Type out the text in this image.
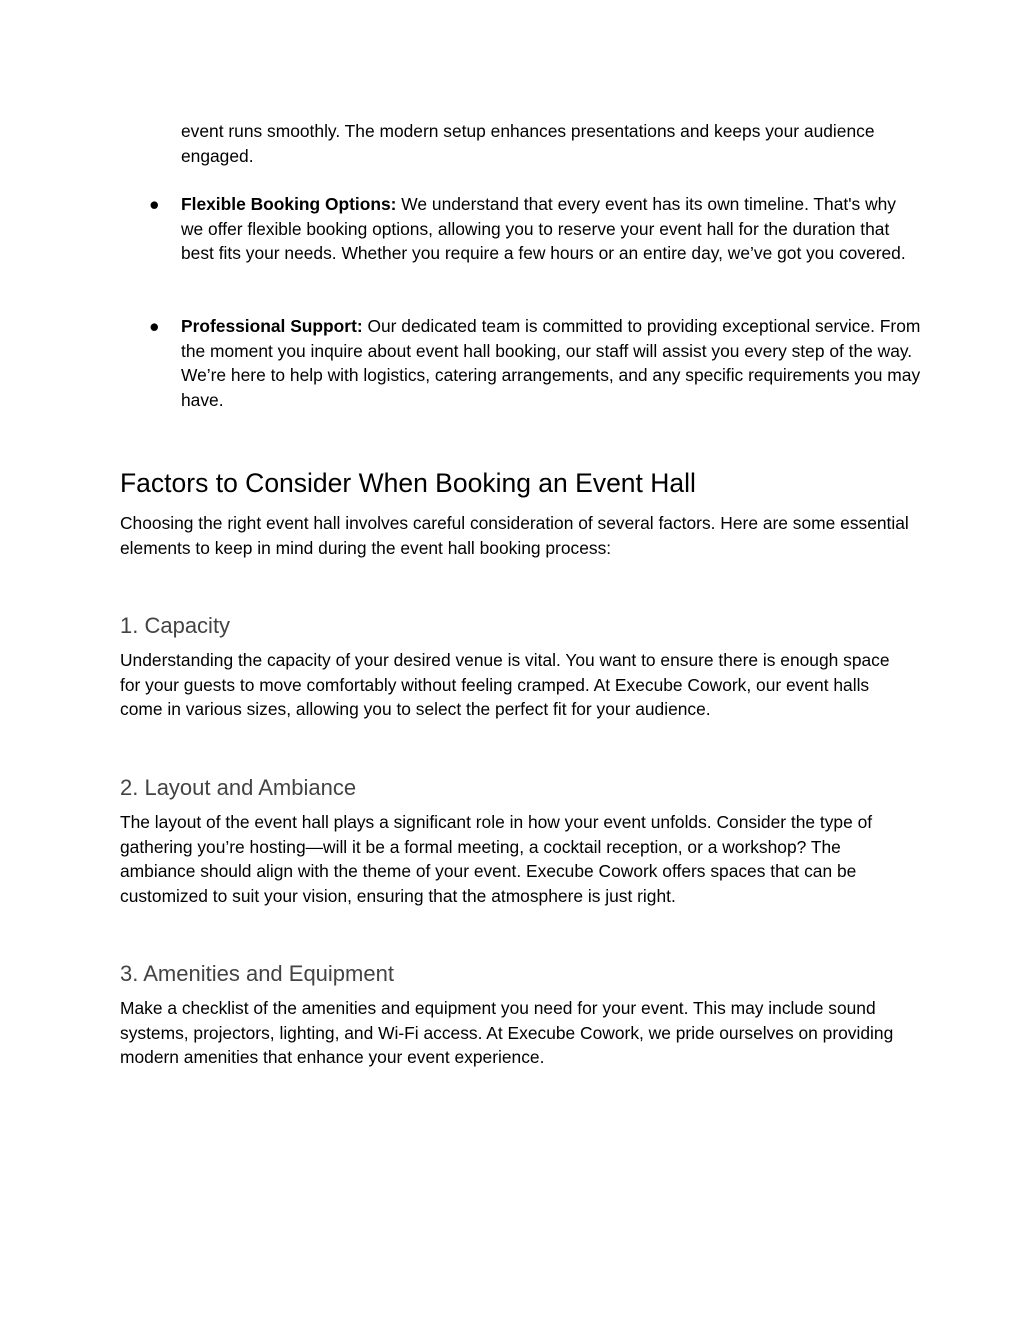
event runs smoothly. The modern setup enhances presentations and keeps your audience engaged.

●	Flexible Booking Options: We understand that every event has its own timeline. That's why we offer flexible booking options, allowing you to reserve your event hall for the duration that best fits your needs. Whether you require a few hours or an entire day, we’ve got you covered.

●	Professional Support: Our dedicated team is committed to providing exceptional service. From the moment you inquire about event hall booking, our staff will assist you every step of the way. We’re here to help with logistics, catering arrangements, and any specific requirements you may have.

Factors to Consider When Booking an Event Hall

Choosing the right event hall involves careful consideration of several factors. Here are some essential elements to keep in mind during the event hall booking process:

1. Capacity

Understanding the capacity of your desired venue is vital. You want to ensure there is enough space for your guests to move comfortably without feeling cramped. At Execube Cowork, our event halls come in various sizes, allowing you to select the perfect fit for your audience.

2. Layout and Ambiance

The layout of the event hall plays a significant role in how your event unfolds. Consider the type of gathering you’re hosting—will it be a formal meeting, a cocktail reception, or a workshop? The ambiance should align with the theme of your event. Execube Cowork offers spaces that can be customized to suit your vision, ensuring that the atmosphere is just right.

3. Amenities and Equipment

Make a checklist of the amenities and equipment you need for your event. This may include sound systems, projectors, lighting, and Wi-Fi access. At Execube Cowork, we pride ourselves on providing modern amenities that enhance your event experience.
